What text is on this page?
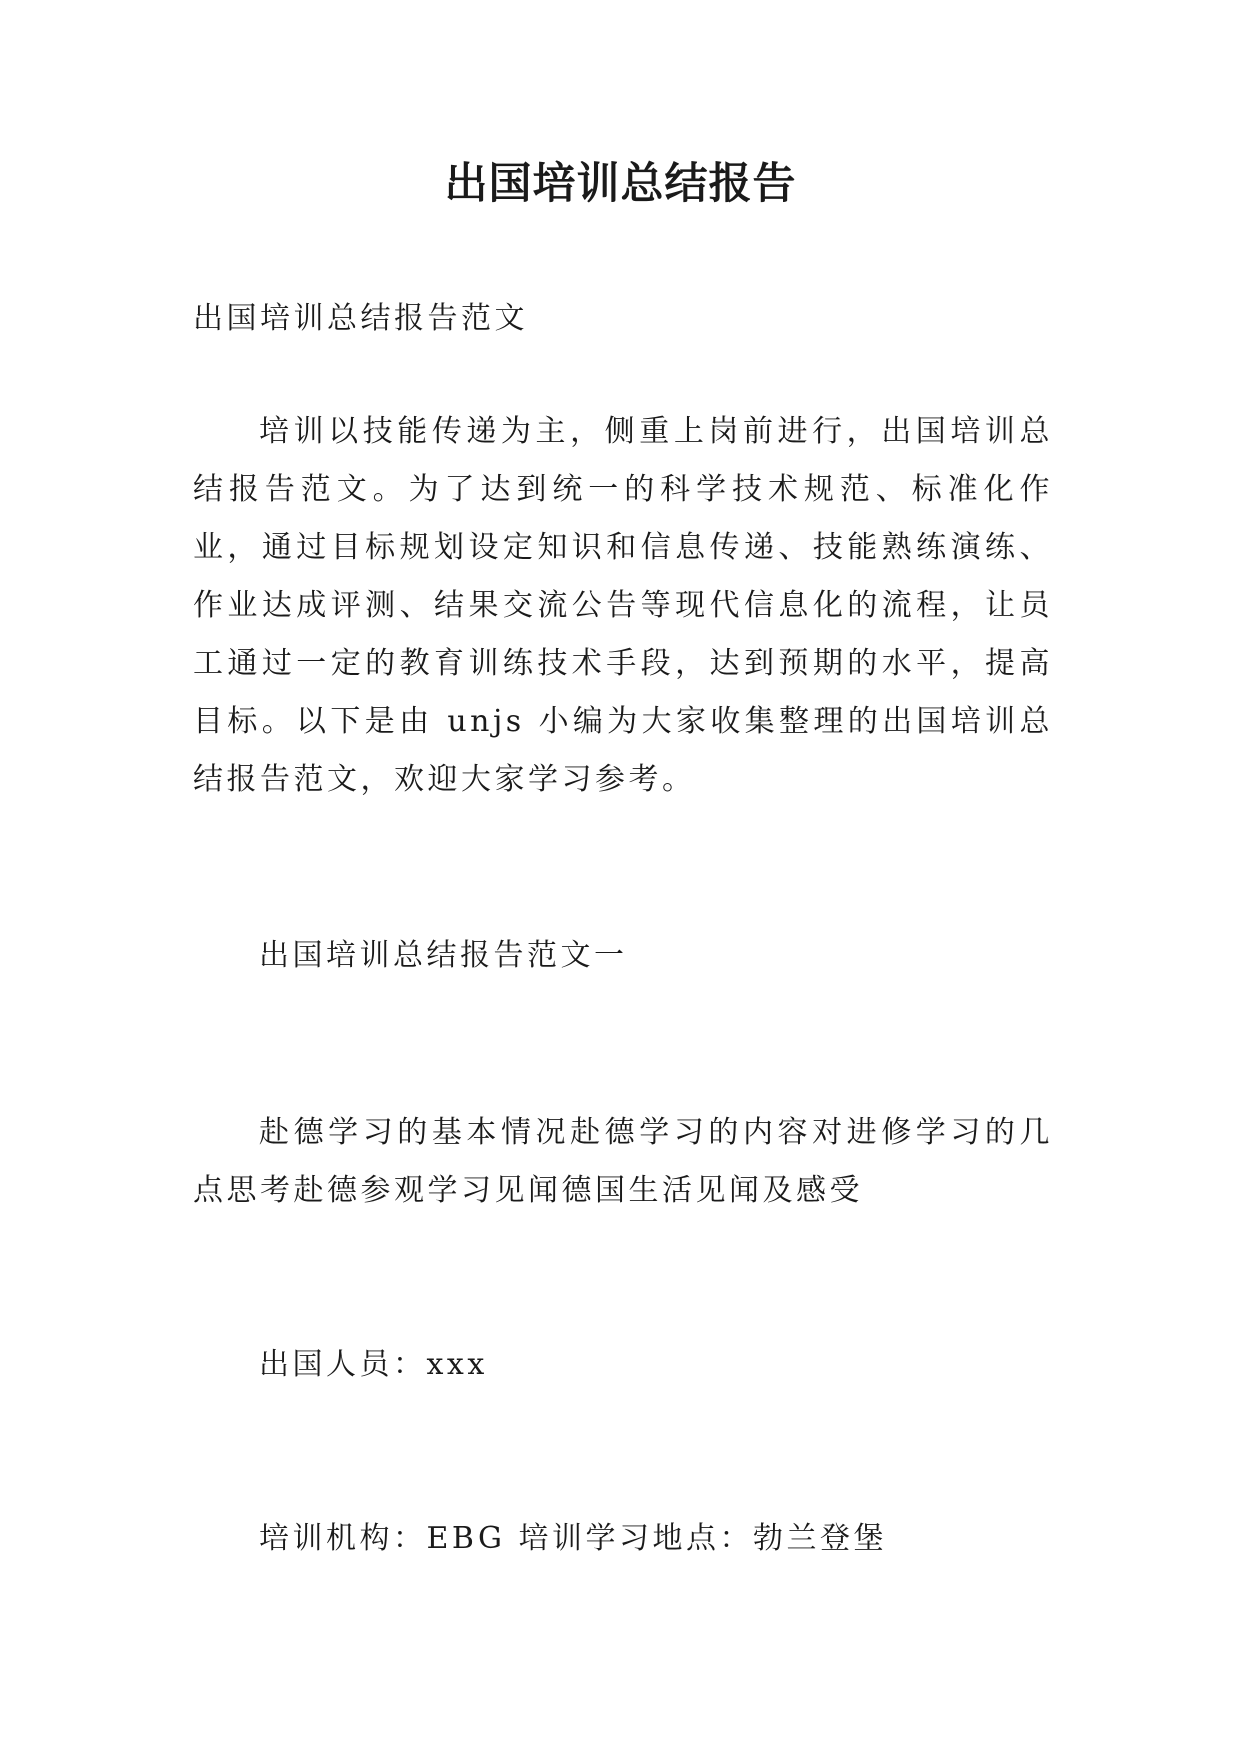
出国培训总结报告

出国培训总结报告范文

培训以技能传递为主，侧重上岗前进行，出国培训总结报告范文。为了达到统一的科学技术规范、标准化作业，通过目标规划设定知识和信息传递、技能熟练演练、作业达成评测、结果交流公告等现代信息化的流程，让员工通过一定的教育训练技术手段，达到预期的水平，提高目标。以下是由 unjs 小编为大家收集整理的出国培训总结报告范文，欢迎大家学习参考。

出国培训总结报告范文一

赴德学习的基本情况赴德学习的内容对进修学习的几点思考赴德参观学习见闻德国生活见闻及感受

出国人员：xxx

培训机构：EBG 培训学习地点：勃兰登堡
